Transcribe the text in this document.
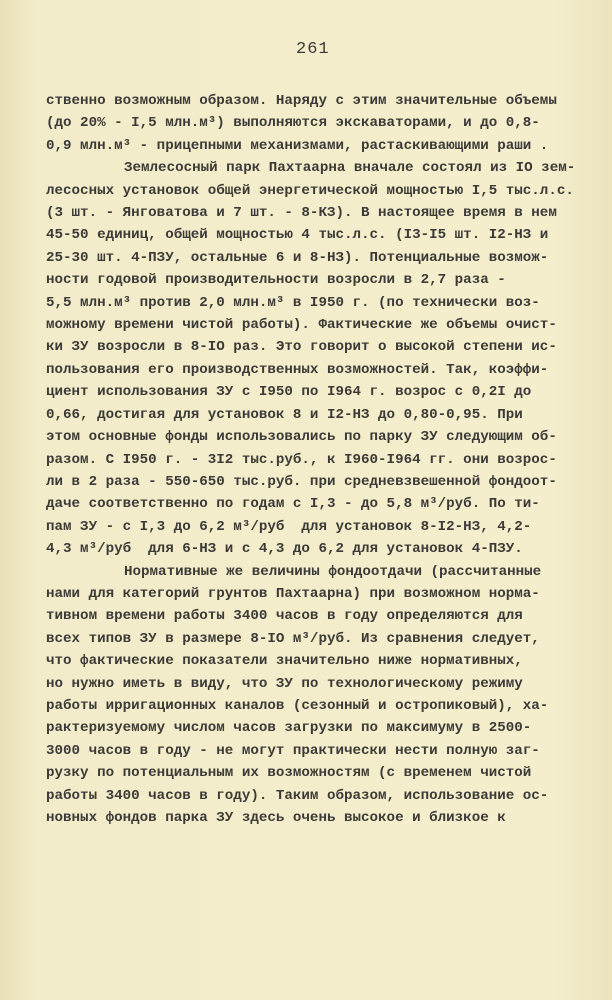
261
ственно возможным образом. Наряду с этим значительные объемы
(до 20% - I,5 млн.м³) выполняются экскаваторами, и до 0,8-
0,9 млн.м³ - прицепными механизмами, растаскивающими раши .
Землесосный парк Пахтаарна вначале состоял из IO зем-
лесосных установок общей энергетической мощностью I,5 тыс.л.с.
(3 шт. - Янговатова и 7 шт. - 8-КЗ). В настоящее время в нем
45-50 единиц, общей мощностью 4 тыс.л.с. (I3-I5 шт. I2-НЗ и
25-30 шт. 4-ПЗУ, остальные 6 и 8-НЗ). Потенциальные возмож-
ности годовой производительности возросли в 2,7 раза -
5,5 млн.м³ против 2,0 млн.м³ в I950 г. (по технически воз-
можному времени чистой работы). Фактические же объемы очист-
ки ЗУ возросли в 8-IO раз. Это говорит о высокой степени ис-
пользования его производственных возможностей. Так, коэффи-
циент использования ЗУ с I950 по I964 г. возрос с 0,2I до
0,66, достигая для установок 8 и I2-НЗ до 0,80-0,95. При
этом основные фонды использовались по парку ЗУ следующим об-
разом. С I950 г. - 3I2 тыс.руб., к I960-I964 гг. они возрос-
ли в 2 раза - 550-650 тыс.руб. при средневзвешенной фондоот-
даче соответственно по годам с I,3 - до 5,8 м³/руб. По ти-
пам ЗУ - с I,3 до 6,2 м³/руб  для установок 8-I2-НЗ, 4,2-
4,3 м³/руб  для 6-НЗ и с 4,3 до 6,2 для установок 4-ПЗУ.
Нормативные же величины фондоотдачи (рассчитанные
нами для категорий грунтов Пахтаарна) при возможном норма-
тивном времени работы 3400 часов в году определяются для
всех типов ЗУ в размере 8-IO м³/руб. Из сравнения следует,
что фактические показатели значительно ниже нормативных,
но нужно иметь в виду, что ЗУ по технологическому режиму
работы ирригационных каналов (сезонный и остропиковый), ха-
рактеризуемому числом часов загрузки по максимуму в 2500-
3000 часов в году - не могут практически нести полную заг-
рузку по потенциальным их возможностям (с временем чистой
работы 3400 часов в году). Таким образом, использование ос-
новных фондов парка ЗУ здесь очень высокое и близкое к
